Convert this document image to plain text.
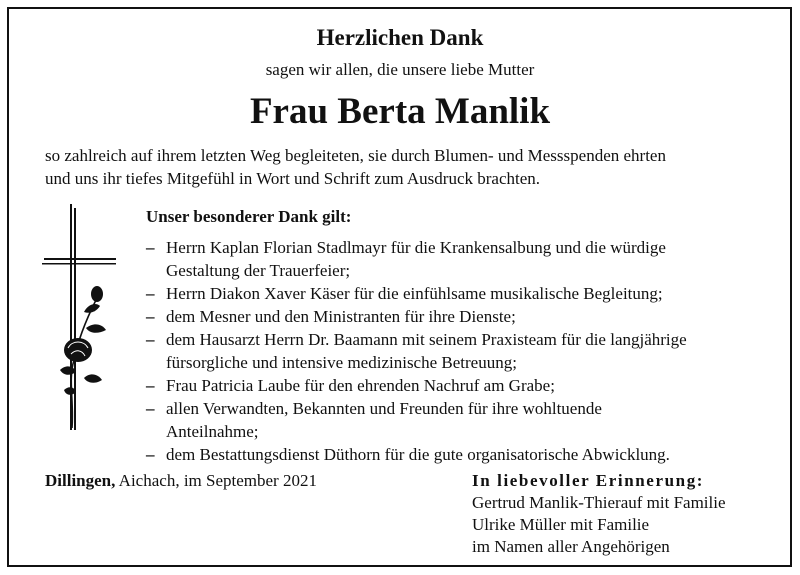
Herzlichen Dank
sagen wir allen, die unsere liebe Mutter
Frau Berta Manlik
so zahlreich auf ihrem letzten Weg begleiteten, sie durch Blumen- und Messspenden ehrten
und uns ihr tiefes Mitgefühl in Wort und Schrift zum Ausdruck brachten.
Unser besonderer Dank gilt:
– Herrn Kaplan Florian Stadlmayr für die Krankensalbung und die würdige
Gestaltung der Trauerfeier;
– Herrn Diakon Xaver Käser für die einfühlsame musikalische Begleitung;
– dem Mesner und den Ministranten für ihre Dienste;
– dem Hausarzt Herrn Dr. Baamann mit seinem Praxisteam für die langjährige
fürsorgliche und intensive medizinische Betreuung;
– Frau Patricia Laube für den ehrenden Nachruf am Grabe;
– allen Verwandten, Bekannten und Freunden für ihre wohltuende
Anteilnahme;
– dem Bestattungsdienst Düthorn für die gute organisatorische Abwicklung.
Dillingen, Aichach, im September 2021	In liebevoller Erinnerung:
Gertrud Manlik-Thierauf mit Familie
Ulrike Müller mit Familie
im Namen aller Angehörigen
